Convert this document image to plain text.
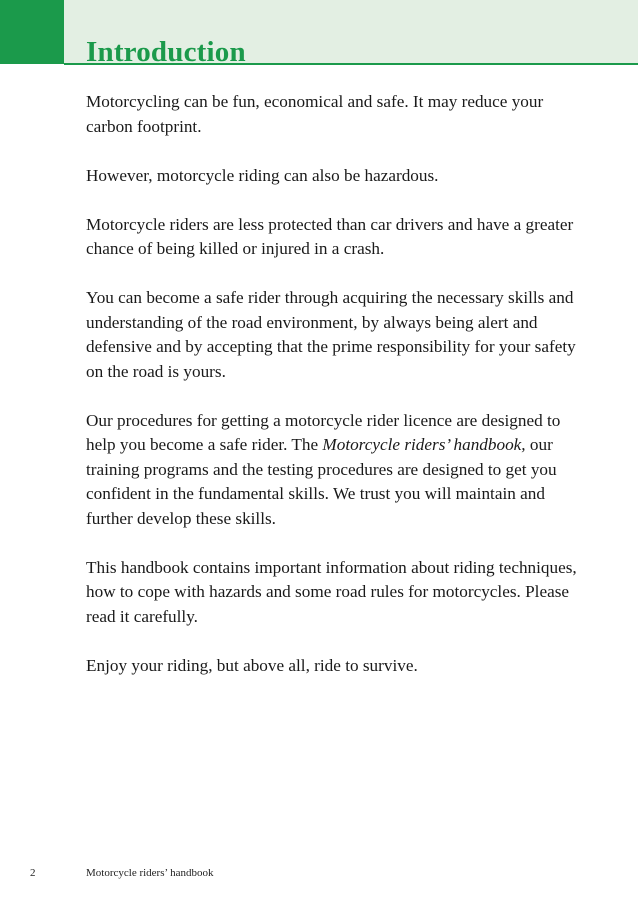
Introduction

Motorcycling can be fun, economical and safe. It may reduce your carbon footprint.

However, motorcycle riding can also be hazardous.

Motorcycle riders are less protected than car drivers and have a greater chance of being killed or injured in a crash.

You can become a safe rider through acquiring the necessary skills and understanding of the road environment, by always being alert and defensive and by accepting that the prime responsibility for your safety on the road is yours.

Our procedures for getting a motorcycle rider licence are designed to help you become a safe rider. The Motorcycle riders’ handbook, our training programs and the testing procedures are designed to get you confident in the fundamental skills. We trust you will maintain and further develop these skills.

This handbook contains important information about riding techniques, how to cope with hazards and some road rules for motorcycles. Please read it carefully.

Enjoy your riding, but above all, ride to survive.

2	Motorcycle riders’ handbook
